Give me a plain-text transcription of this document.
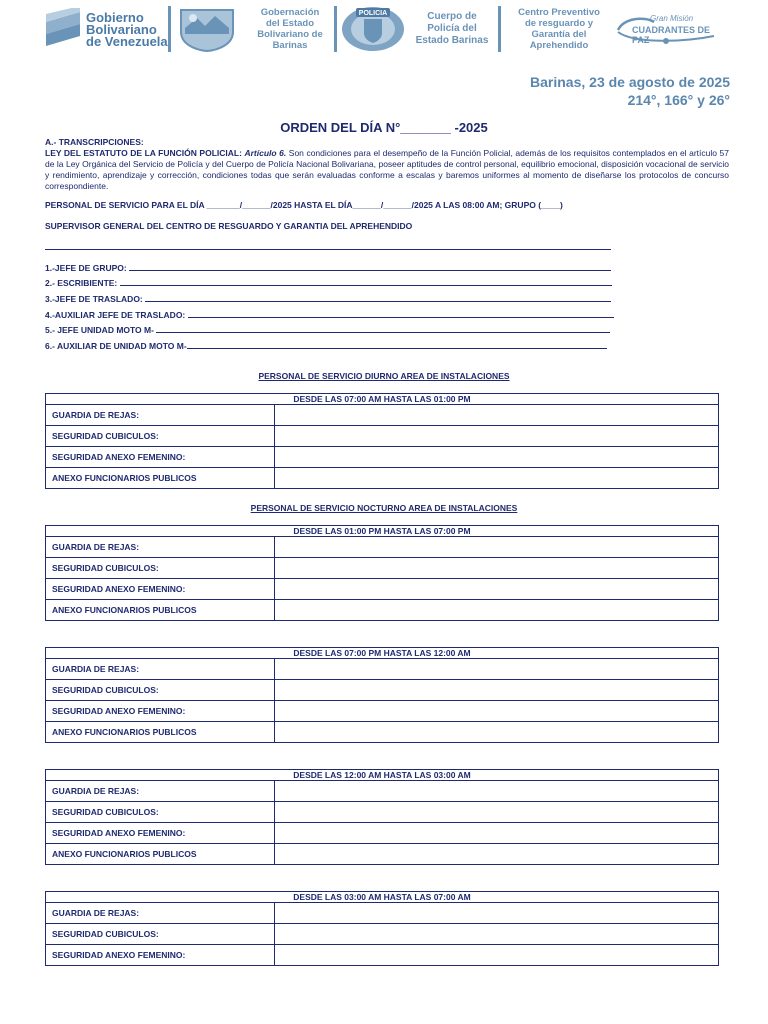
Gobierno
Bolivariano
de Venezuela
Gobernación
del Estado
Bolivariano de
Barinas
POLICIA	Cuerpo de
Policía del
Estado Barinas
Centro Preventivo
de resguardo y
Garantía del
Aprehendido
Gran Misión
CUADRANTES DE PAZ
Barinas, 23 de agosto de 2025
214°, 166° y 26°
ORDEN DEL DÍA N°_______ -2025
A.- TRANSCRIPCIONES:
LEY DEL ESTATUTO DE LA FUNCIÓN POLICIAL: Artículo 6. Son condiciones para el desempeño de la Función Policial, además de los requisitos contemplados en el artículo 57 de la Ley Orgánica del Servicio de Policía y del Cuerpo de Policía Nacional Bolivariana, poseer aptitudes de control personal, equilibrio emocional, disposición vocacional de servicio y rendimiento, aprendizaje y corrección, condiciones todas que serán evaluadas conforme a escalas y baremos uniformes al momento de diseñarse los protocolos de concurso correspondiente.
PERSONAL DE SERVICIO PARA EL DÍA _______/______/2025 HASTA EL DÍA______/______/2025 A LAS 08:00 AM; GRUPO (____)
SUPERVISOR GENERAL DEL CENTRO DE RESGUARDO Y GARANTIA DEL APREHENDIDO
1.-JEFE DE GRUPO:
2.- ESCRIBIENTE:
3.-JEFE DE TRASLADO:
4.-AUXILIAR JEFE DE TRASLADO:
5.- JEFE UNIDAD MOTO M-
6.- AUXILIAR DE UNIDAD MOTO M-
PERSONAL DE SERVICIO DIURNO AREA DE INSTALACIONES
DESDE LAS 07:00 AM HASTA LAS 01:00 PM	
GUARDIA DE REJAS:	
SEGURIDAD CUBICULOS:	
SEGURIDAD ANEXO FEMENINO:	
ANEXO FUNCIONARIOS PUBLICOS	
PERSONAL DE SERVICIO NOCTURNO AREA DE INSTALACIONES
DESDE LAS 01:00 PM HASTA LAS 07:00 PM	
GUARDIA DE REJAS:	
SEGURIDAD CUBICULOS:	
SEGURIDAD ANEXO FEMENINO:	
ANEXO FUNCIONARIOS PUBLICOS	
DESDE LAS 07:00 PM HASTA LAS 12:00 AM	
GUARDIA DE REJAS:	
SEGURIDAD CUBICULOS:	
SEGURIDAD ANEXO FEMENINO:	
ANEXO FUNCIONARIOS PUBLICOS	
DESDE LAS 12:00 AM HASTA LAS 03:00 AM	
GUARDIA DE REJAS:	
SEGURIDAD CUBICULOS:	
SEGURIDAD ANEXO FEMENINO:	
ANEXO FUNCIONARIOS PUBLICOS	
DESDE LAS 03:00 AM HASTA LAS 07:00 AM	
GUARDIA DE REJAS:	
SEGURIDAD CUBICULOS:	
SEGURIDAD ANEXO FEMENINO:	
